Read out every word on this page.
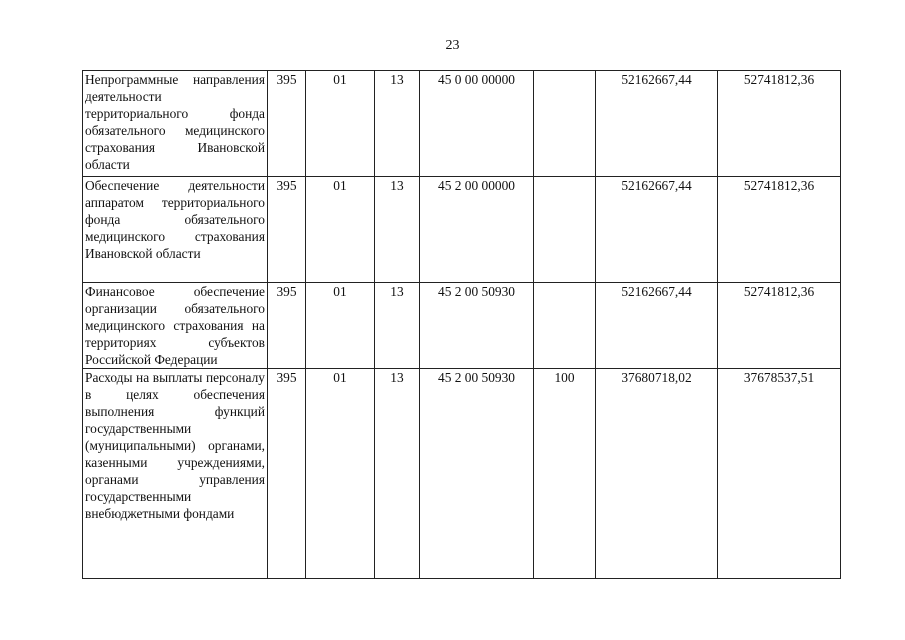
23
Непрограммные направления деятельности территориального фонда обязательного медицинского страхования Ивановской области	395	01	13	45 0 00 00000		52162667,44	52741812,36
Обеспечение деятельности аппаратом территориального фонда обязательного медицинского страхования Ивановской области	395	01	13	45 2 00 00000		52162667,44	52741812,36
Финансовое обеспечение организации обязательного медицинского страхования на территориях субъектов Российской Федерации	395	01	13	45 2 00 50930		52162667,44	52741812,36
Расходы на выплаты персоналу в целях обеспечения выполнения функций государственными (муниципальными) органами, казенными учреждениями, органами управления государственными внебюджетными фондами	395	01	13	45 2 00 50930	100	37680718,02	37678537,51
